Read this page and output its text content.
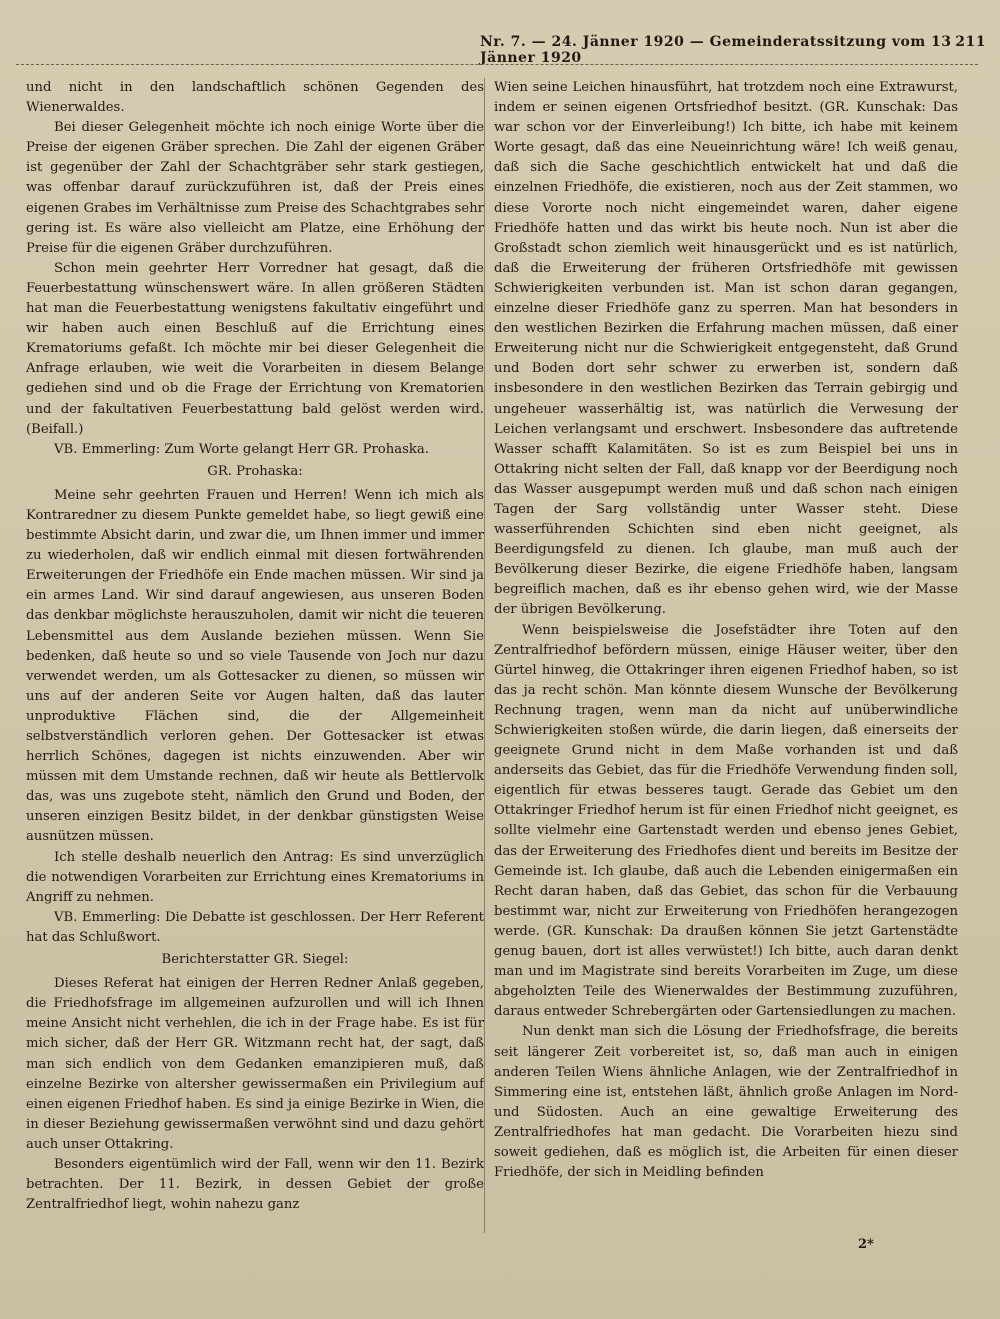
Nr. 7. — 24. Jänner 1920 — Gemeinderatssitzung vom 13 Jänner 1920
211

und nicht in den landschaftlich schönen Gegenden des Wienerwaldes.

Bei dieser Gelegenheit möchte ich noch einige Worte über die Preise der eigenen Gräber sprechen. Die Zahl der eigenen Gräber ist gegenüber der Zahl der Schachtgräber sehr stark gestiegen, was offenbar darauf zurückzuführen ist, daß der Preis eines eigenen Grabes im Verhältnisse zum Preise des Schachtgrabes sehr gering ist. Es wäre also vielleicht am Platze, eine Erhöhung der Preise für die eigenen Gräber durchzuführen.

Schon mein geehrter Herr Vorredner hat gesagt, daß die Feuerbestattung wünschenswert wäre. In allen größeren Städten hat man die Feuerbestattung wenigstens fakultativ eingeführt und wir haben auch einen Beschluß auf die Errichtung eines Krematoriums gefaßt. Ich möchte mir bei dieser Gelegenheit die Anfrage erlauben, wie weit die Vorarbeiten in diesem Belange gediehen sind und ob die Frage der Errichtung von Krematorien und der fakultativen Feuerbestattung bald gelöst werden wird. (Beifall.)

VB. Emmerling: Zum Worte gelangt Herr GR. Prohaska.

GR. Prohaska:

Meine sehr geehrten Frauen und Herren! Wenn ich mich als Kontraredner zu diesem Punkte gemeldet habe, so liegt gewiß eine bestimmte Absicht darin, und zwar die, um Ihnen immer und immer zu wiederholen, daß wir endlich einmal mit diesen fortwährenden Erweiterungen der Friedhöfe ein Ende machen müssen. Wir sind ja ein armes Land. Wir sind darauf angewiesen, aus unseren Boden das denkbar möglichste herauszuholen, damit wir nicht die teueren Lebensmittel aus dem Auslande beziehen müssen. Wenn Sie bedenken, daß heute so und so viele Tausende von Joch nur dazu verwendet werden, um als Gottesacker zu dienen, so müssen wir uns auf der anderen Seite vor Augen halten, daß das lauter unproduktive Flächen sind, die der Allgemeinheit selbstverständlich verloren gehen. Der Gottesacker ist etwas herrlich Schönes, dagegen ist nichts einzuwenden. Aber wir müssen mit dem Umstande rechnen, daß wir heute als Bettlervolk das, was uns zugebote steht, nämlich den Grund und Boden, der unseren einzigen Besitz bildet, in der denkbar günstigsten Weise ausnützen müssen.

Ich stelle deshalb neuerlich den Antrag: Es sind unverzüglich die notwendigen Vorarbeiten zur Errichtung eines Krematoriums in Angriff zu nehmen.

VB. Emmerling: Die Debatte ist geschlossen. Der Herr Referent hat das Schlußwort.

Berichterstatter GR. Siegel:

Dieses Referat hat einigen der Herren Redner Anlaß gegeben, die Friedhofsfrage im allgemeinen aufzurollen und will ich Ihnen meine Ansicht nicht verhehlen, die ich in der Frage habe. Es ist für mich sicher, daß der Herr GR. Witzmann recht hat, der sagt, daß man sich endlich von dem Gedanken emanzipieren muß, daß einzelne Bezirke von altersher gewissermaßen ein Privilegium auf einen eigenen Friedhof haben. Es sind ja einige Bezirke in Wien, die in dieser Beziehung gewissermaßen verwöhnt sind und dazu gehört auch unser Ottakring.

Besonders eigentümlich wird der Fall, wenn wir den 11. Bezirk betrachten. Der 11. Bezirk, in dessen Gebiet der große Zentralfriedhof liegt, wohin nahezu ganz

Wien seine Leichen hinausführt, hat trotzdem noch eine Extrawurst, indem er seinen eigenen Ortsfriedhof besitzt. (GR. Kunschak: Das war schon vor der Einverleibung!) Ich bitte, ich habe mit keinem Worte gesagt, daß das eine Neueinrichtung wäre! Ich weiß genau, daß sich die Sache geschichtlich entwickelt hat und daß die einzelnen Friedhöfe, die existieren, noch aus der Zeit stammen, wo diese Vororte noch nicht eingemeindet waren, daher eigene Friedhöfe hatten und das wirkt bis heute noch. Nun ist aber die Großstadt schon ziemlich weit hinausgerückt und es ist natürlich, daß die Erweiterung der früheren Ortsfriedhöfe mit gewissen Schwierigkeiten verbunden ist. Man ist schon daran gegangen, einzelne dieser Friedhöfe ganz zu sperren. Man hat besonders in den westlichen Bezirken die Erfahrung machen müssen, daß einer Erweiterung nicht nur die Schwierigkeit entgegensteht, daß Grund und Boden dort sehr schwer zu erwerben ist, sondern daß insbesondere in den westlichen Bezirken das Terrain gebirgig und ungeheuer wasserhältig ist, was natürlich die Verwesung der Leichen verlangsamt und erschwert. Insbesondere das auftretende Wasser schafft Kalamitäten. So ist es zum Beispiel bei uns in Ottakring nicht selten der Fall, daß knapp vor der Beerdigung noch das Wasser ausgepumpt werden muß und daß schon nach einigen Tagen der Sarg vollständig unter Wasser steht. Diese wasserführenden Schichten sind eben nicht geeignet, als Beerdigungsfeld zu dienen. Ich glaube, man muß auch der Bevölkerung dieser Bezirke, die eigene Friedhöfe haben, langsam begreiflich machen, daß es ihr ebenso gehen wird, wie der Masse der übrigen Bevölkerung.

Wenn beispielsweise die Josefstädter ihre Toten auf den Zentralfriedhof befördern müssen, einige Häuser weiter, über den Gürtel hinweg, die Ottakringer ihren eigenen Friedhof haben, so ist das ja recht schön. Man könnte diesem Wunsche der Bevölkerung Rechnung tragen, wenn man da nicht auf unüberwindliche Schwierigkeiten stoßen würde, die darin liegen, daß einerseits der geeignete Grund nicht in dem Maße vorhanden ist und daß anderseits das Gebiet, das für die Friedhöfe Verwendung finden soll, eigentlich für etwas besseres taugt. Gerade das Gebiet um den Ottakringer Friedhof herum ist für einen Friedhof nicht geeignet, es sollte vielmehr eine Gartenstadt werden und ebenso jenes Gebiet, das der Erweiterung des Friedhofes dient und bereits im Besitze der Gemeinde ist. Ich glaube, daß auch die Lebenden einigermaßen ein Recht daran haben, daß das Gebiet, das schon für die Verbauung bestimmt war, nicht zur Erweiterung von Friedhöfen herangezogen werde. (GR. Kunschak: Da draußen können Sie jetzt Gartenstädte genug bauen, dort ist alles verwüstet!) Ich bitte, auch daran denkt man und im Magistrate sind bereits Vorarbeiten im Zuge, um diese abgeholzten Teile des Wienerwaldes der Bestimmung zuzuführen, daraus entweder Schrebergärten oder Gartensiedlungen zu machen.

Nun denkt man sich die Lösung der Friedhofsfrage, die bereits seit längerer Zeit vorbereitet ist, so, daß man auch in einigen anderen Teilen Wiens ähnliche Anlagen, wie der Zentralfriedhof in Simmering eine ist, entstehen läßt, ähnlich große Anlagen im Nord- und Südosten. Auch an eine gewaltige Erweiterung des Zentralfriedhofes hat man gedacht. Die Vorarbeiten hiezu sind soweit gediehen, daß es möglich ist, die Arbeiten für einen dieser Friedhöfe, der sich in Meidling befinden

2*
